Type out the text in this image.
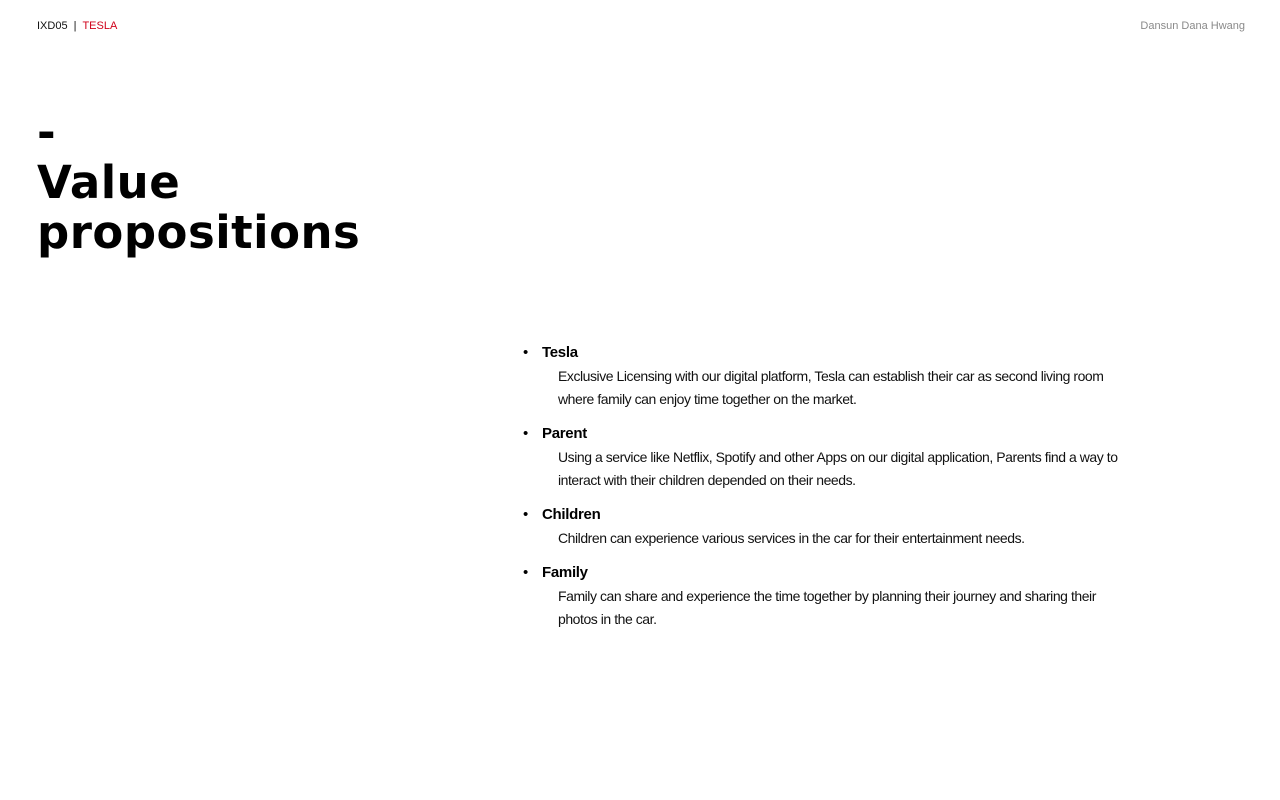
IXD05 | TESLA	Dansun Dana Hwang
-
Value
propositions
• Tesla
Exclusive Licensing with our digital platform, Tesla can establish their car as second living room where family can enjoy time together on the market.
• Parent
Using a service like Netflix, Spotify and other Apps on our digital application, Parents find a way to interact with their children depended on their needs.
• Children
Children can experience various services in the car for their entertainment needs.
• Family
Family can share and experience the time together by planning their journey and sharing their photos in the car.
